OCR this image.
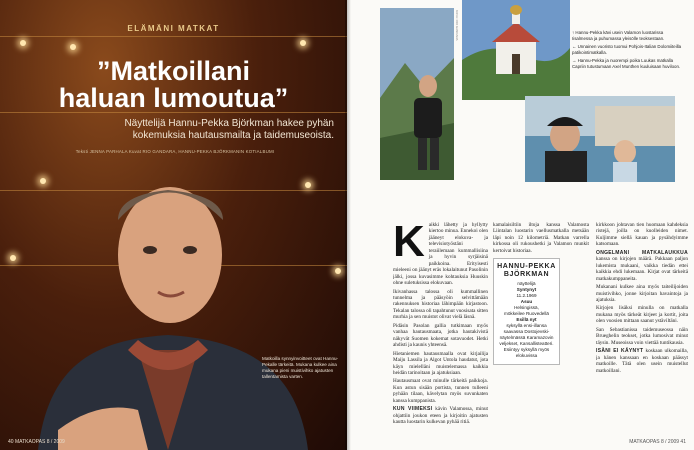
ELÄMÄNI MATKAT
”Matkoillani
haluan lumoutua”
Näyttelijä Hannu-Pekka Björkman hakee pyhän
kokemuksia hautausmailta ja taidemuseoista.
Teksti JENNA PARHALA Kuvat RIO GANDARA, HANNU-PEKKA BJÖRKMANIN KOTIALBUMI
Matkoilla synnyinvoitteet ovat Hannu-Pekalle tärkeitä. Mukana kulkee aina mukana pieni muistivihko ajatusten tallentamista varten.
40 MATKAOPAS 8 / 2009
KUVA: RIO GANDARA	↑ Hannu-Pekka kävi usein Valamon luostarissa Iisalmessa ja puhumassa yleisölle teoksestaan.

← Unnainen vuoristo tuomui Pohjois-Italian Dolomiiteilla patikointimatkalla.

→ Hannu-Pekka ja nuorempi poika Luukas matkalla Capriin tutustumaan Axel Munthen kuuluisaan huviloon.

K aikki lähetty ja hyllytty kiertoo minua. Ennekoi olen jääneyt elokuva- ja televisiotyöstäni teraiilemaan kummallisiina ja hyvin syrjäisinä paikkoina. Erityisesti mieleeni on jäänyt eräs lokalaitunut Pasolinin jälki, jossa kuvasimme kohtauksia Huuskin ohne suletuksissa elokuvaan.

Ikivanhassa talossa oli kummallinen tunnelma ja pääsyöin selvittämään rakennuksen historiaa lähimpään kirjastoon. Tekalan talossa oli tapahtunut vuosisata sitten murhia ja sen muistot olivat vielä läsnä.

Pidäsin Pasolan gallia tutkimaan myös vanhaa hautausmaata, jotka hautakivistä näkyvät Suomen kokemat sotavuodet. Hetki ahdisti ja kaunis yhteensä.

Hietaniemen hautausmaalla ovat kirjailija Maiju Lassila ja Algot Untola haudatut, jota käyn mielelläni muistelemassa kaikkia heidän tarinoitaan ja ajatuksiaan.

Hautausmaat ovat minulle tärkeitä paikkoja. Kun astun sisään portista, tunnen tulleeni pyhään tilaan, kävelytan myös suvunkaten kanssa kumppanista.

KUN VIIMEKSI kävin Valamossa, minut ohjattiin joukon eteen ja kirjoitin ajatusten kautta luostarin kulkevan pyhää ritiä.

kamalaisiltiin iltoja kanssa Valamosta Liintalan luostarin vaellusmatkalla metsään läpi noin 12 kilometriä. Matkan varrella kirkossa oli rukoushetki ja Valamon munkit kertoivat historiaa.

HANNU-PEKKA
BJÖRKMAN
näyttelijä
Syntynyt
11.2.1969
Asuu
Helsingissä,
mökkeilee Ruovedellä
Esillä nyt
syksyllä ensi-illansa saavassa Dostojevski-näytelmässä Karamazovin veljekset, Kansallisteatteri.
Esiintyy syksyllä myös elokuvissa

kirkkoon johtavan tien huomaan kahdeksia ristejä, joilla on kuolleiden nimet. Kuljimme siellä kauan ja pysähdyimme katsomaan.

ONGELMANI MATKALAUKKUA kanssa on kirjojen määrä. Pakkaan paljon lukemista mukaani, vaikka tiedän ettei kaikkia ehdi lukemaan. Kirjat ovat tärkeitä matkakumppaneita.

Mukanani kulkee aina myös taiteilijoiden muistivihko, jonne kirjoitan havaintoja ja ajatuksia.

Kirjojen lisäksi minulla on matkalla mukana myös tärkeät kirjeet ja kortit, joita olen vuosien mittaan saanut ystäviltäni.

San Sebastianissa taidemuseossa näin Brueghelin teokset, jotka lumosivat minut täysin. Museoissa voin viettää tuntikausia.

ISÄNI EI KÄYNYT koskaan ulkomailla, ja hänen kanssaan en koskaan päässyt matkoille. Tätä olen usein muistellut matkoillani.

MATKAOPAS 8 / 2009 41
